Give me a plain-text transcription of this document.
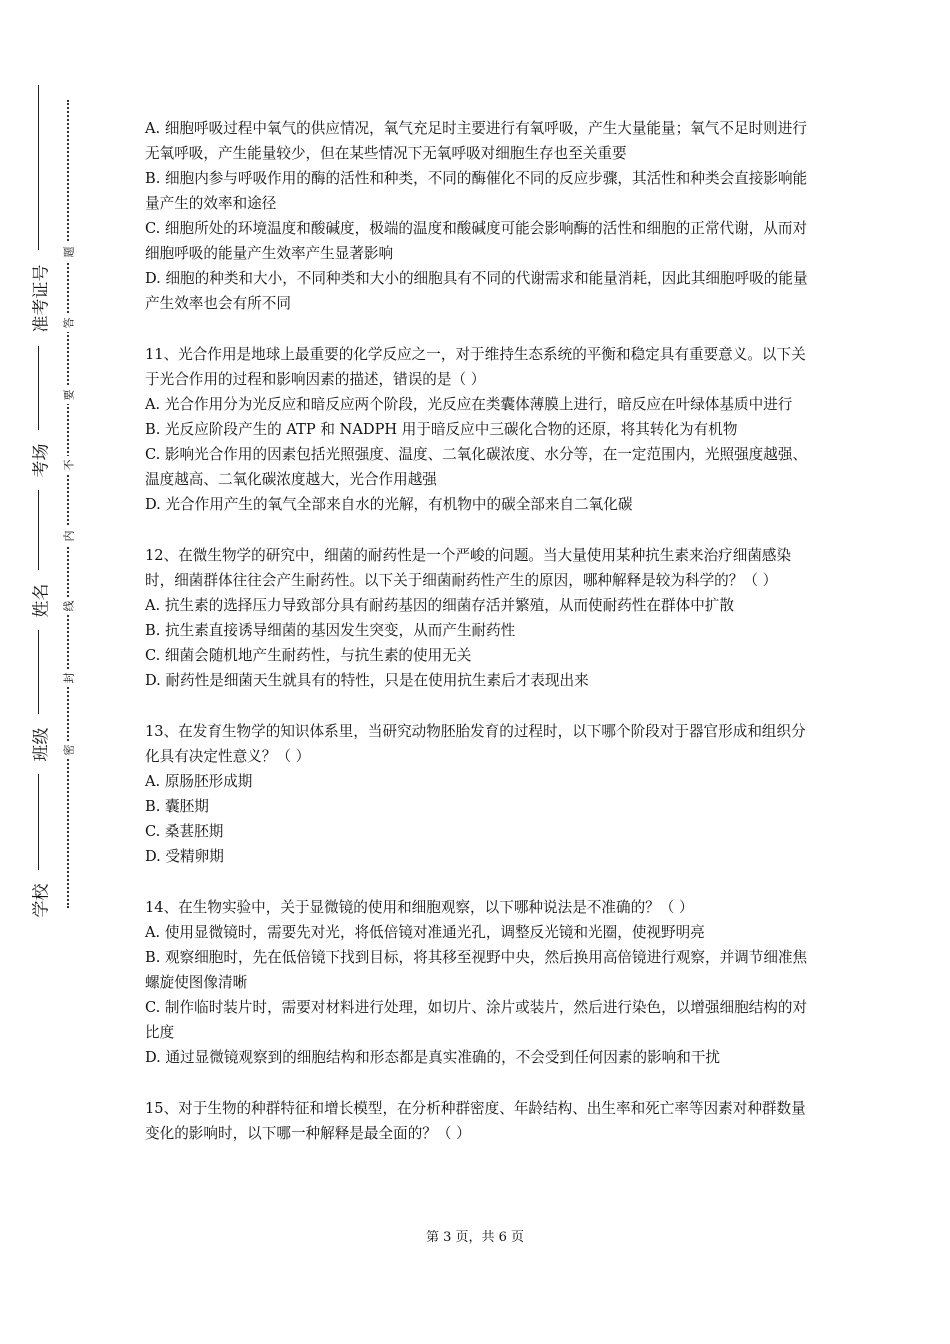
学校
班级
姓名
考场
准考证号
密
封
线
内
不
要
答
题

A. 细胞呼吸过程中氧气的供应情况，氧气充足时主要进行有氧呼吸，产生大量能量；氧气不足时则进行无氧呼吸，产生能量较少，但在某些情况下无氧呼吸对细胞生存也至关重要

B. 细胞内参与呼吸作用的酶的活性和种类，不同的酶催化不同的反应步骤，其活性和种类会直接影响能量产生的效率和途径

C. 细胞所处的环境温度和酸碱度，极端的温度和酸碱度可能会影响酶的活性和细胞的正常代谢，从而对细胞呼吸的能量产生效率产生显著影响

D. 细胞的种类和大小，不同种类和大小的细胞具有不同的代谢需求和能量消耗，因此其细胞呼吸的能量产生效率也会有所不同

11、光合作用是地球上最重要的化学反应之一，对于维持生态系统的平衡和稳定具有重要意义。以下关于光合作用的过程和影响因素的描述，错误的是（ ）

A. 光合作用分为光反应和暗反应两个阶段，光反应在类囊体薄膜上进行，暗反应在叶绿体基质中进行

B. 光反应阶段产生的 ATP 和 NADPH 用于暗反应中三碳化合物的还原，将其转化为有机物

C. 影响光合作用的因素包括光照强度、温度、二氧化碳浓度、水分等，在一定范围内，光照强度越强、温度越高、二氧化碳浓度越大，光合作用越强

D. 光合作用产生的氧气全部来自水的光解，有机物中的碳全部来自二氧化碳

12、在微生物学的研究中，细菌的耐药性是一个严峻的问题。当大量使用某种抗生素来治疗细菌感染时，细菌群体往往会产生耐药性。以下关于细菌耐药性产生的原因，哪种解释是较为科学的？（ ）

A. 抗生素的选择压力导致部分具有耐药基因的细菌存活并繁殖，从而使耐药性在群体中扩散

B. 抗生素直接诱导细菌的基因发生突变，从而产生耐药性

C. 细菌会随机地产生耐药性，与抗生素的使用无关

D. 耐药性是细菌天生就具有的特性，只是在使用抗生素后才表现出来

13、在发育生物学的知识体系里，当研究动物胚胎发育的过程时，以下哪个阶段对于器官形成和组织分化具有决定性意义？（ ）

A. 原肠胚形成期

B. 囊胚期

C. 桑葚胚期

D. 受精卵期

14、在生物实验中，关于显微镜的使用和细胞观察，以下哪种说法是不准确的？（ ）

A. 使用显微镜时，需要先对光，将低倍镜对准通光孔，调整反光镜和光圈，使视野明亮

B. 观察细胞时，先在低倍镜下找到目标，将其移至视野中央，然后换用高倍镜进行观察，并调节细准焦螺旋使图像清晰

C. 制作临时装片时，需要对材料进行处理，如切片、涂片或装片，然后进行染色，以增强细胞结构的对比度

D. 通过显微镜观察到的细胞结构和形态都是真实准确的，不会受到任何因素的影响和干扰

15、对于生物的种群特征和增长模型，在分析种群密度、年龄结构、出生率和死亡率等因素对种群数量变化的影响时，以下哪一种解释是最全面的？（ ）

第 3 页，共 6 页
